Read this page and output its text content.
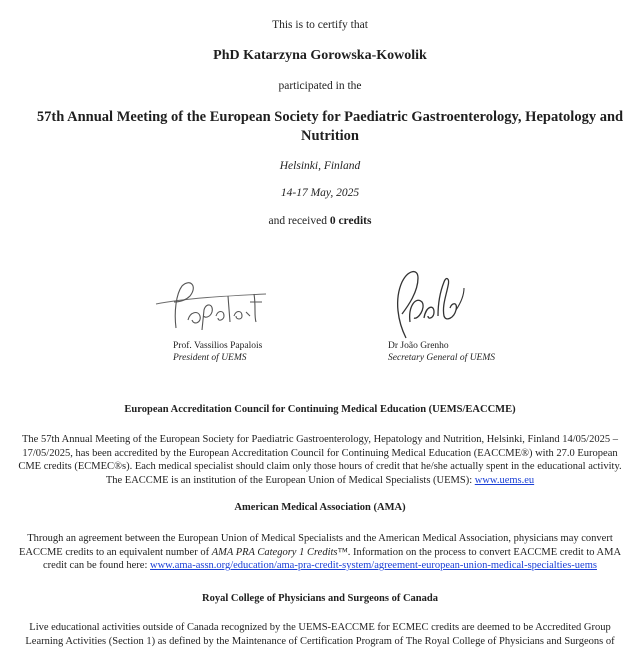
This is to certify that
PhD Katarzyna Gorowska-Kowolik
participated in the
57th Annual Meeting of the European Society for Paediatric Gastroenterology, Hepatology and Nutrition
Helsinki, Finland
14-17 May, 2025
and received 0 credits
Prof. Vassilios Papalois
President of UEMS
Dr João Grenho
Secretary General of UEMS
European Accreditation Council for Continuing Medical Education (UEMS/EACCME)
The 57th Annual Meeting of the European Society for Paediatric Gastroenterology, Hepatology and Nutrition, Helsinki, Finland 14/05/2025 – 17/05/2025, has been accredited by the European Accreditation Council for Continuing Medical Education (EACCME®) with 27.0 European CME credits (ECMEC®s). Each medical specialist should claim only those hours of credit that he/she actually spent in the educational activity. The EACCME is an institution of the European Union of Medical Specialists (UEMS): www.uems.eu
American Medical Association (AMA)
Through an agreement between the European Union of Medical Specialists and the American Medical Association, physicians may convert EACCME credits to an equivalent number of AMA PRA Category 1 Credits™. Information on the process to convert EACCME credit to AMA credit can be found here: www.ama-assn.org/education/ama-pra-credit-system/agreement-european-union-medical-specialties-uems
Royal College of Physicians and Surgeons of Canada
Live educational activities outside of Canada recognized by the UEMS-EACCME for ECMEC credits are deemed to be Accredited Group Learning Activities (Section 1) as defined by the Maintenance of Certification Program of The Royal College of Physicians and Surgeons of
